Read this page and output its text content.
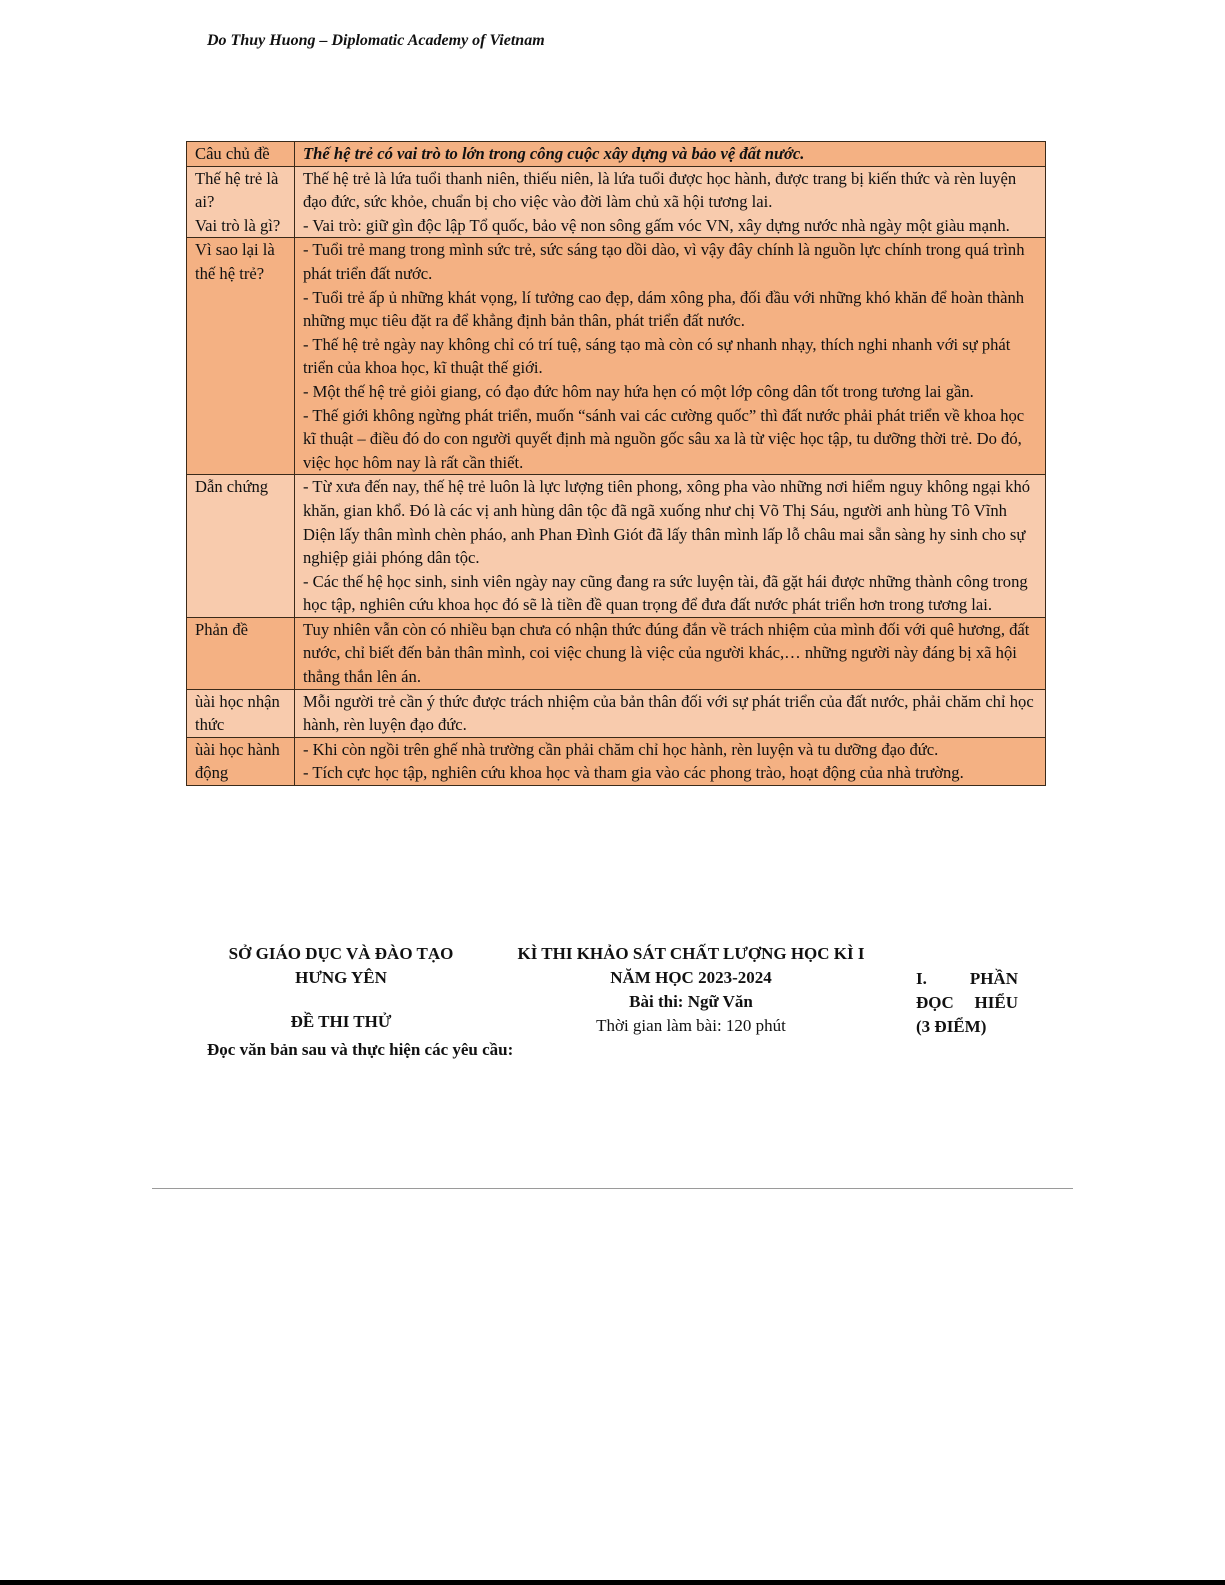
Do Thuy Huong – Diplomatic Academy of Vietnam
Câu chủ đề	Thế hệ trẻ có vai trò to lớn trong công cuộc xây dựng và bảo vệ đất nước.

Thế hệ trẻ là ai?
Vai trò là gì?	Thế hệ trẻ là lứa tuổi thanh niên, thiếu niên, là lứa tuổi được học hành, được trang bị kiến thức và rèn luyện đạo đức, sức khỏe, chuẩn bị cho việc vào đời làm chủ xã hội tương lai.
- Vai trò: giữ gìn độc lập Tổ quốc, bảo vệ non sông gấm vóc VN, xây dựng nước nhà ngày một giàu mạnh.

Vì sao lại là thế hệ trẻ?	- Tuổi trẻ mang trong mình sức trẻ, sức sáng tạo dồi dào, vì vậy đây chính là nguồn lực chính trong quá trình phát triển đất nước.
- Tuổi trẻ ấp ủ những khát vọng, lí tưởng cao đẹp, dám xông pha, đối đầu với những khó khăn để hoàn thành những mục tiêu đặt ra để khẳng định bản thân, phát triển đất nước.
- Thế hệ trẻ ngày nay không chỉ có trí tuệ, sáng tạo mà còn có sự nhanh nhạy, thích nghi nhanh với sự phát triển của khoa học, kĩ thuật thế giới.
- Một thế hệ trẻ giỏi giang, có đạo đức hôm nay hứa hẹn có một lớp công dân tốt trong tương lai gần.
- Thế giới không ngừng phát triển, muốn “sánh vai các cường quốc” thì đất nước phải phát triển về khoa học kĩ thuật – điều đó do con người quyết định mà nguồn gốc sâu xa là từ việc học tập, tu dưỡng thời trẻ. Do đó, việc học hôm nay là rất cần thiết.

Dẫn chứng	- Từ xưa đến nay, thế hệ trẻ luôn là lực lượng tiên phong, xông pha vào những nơi hiểm nguy không ngại khó khăn, gian khổ. Đó là các vị anh hùng dân tộc đã ngã xuống như chị Võ Thị Sáu, người anh hùng Tô Vĩnh Diện lấy thân mình chèn pháo, anh Phan Đình Giót đã lấy thân mình lấp lỗ châu mai sẵn sàng hy sinh cho sự nghiệp giải phóng dân tộc.
- Các thế hệ học sinh, sinh viên ngày nay cũng đang ra sức luyện tài, đã gặt hái được những thành công trong học tập, nghiên cứu khoa học đó sẽ là tiền đề quan trọng để đưa đất nước phát triển hơn trong tương lai.

Phản đề	Tuy nhiên vẫn còn có nhiều bạn chưa có nhận thức đúng đắn về trách nhiệm của mình đối với quê hương, đất nước, chỉ biết đến bản thân mình, coi việc chung là việc của người khác,… những người này đáng bị xã hội thẳng thắn lên án.

ùài học nhận thức	Mỗi người trẻ cần ý thức được trách nhiệm của bản thân đối với sự phát triển của đất nước, phải chăm chỉ học hành, rèn luyện đạo đức.

ùài học hành động	- Khi còn ngồi trên ghế nhà trường cần phải chăm chỉ học hành, rèn luyện và tu dưỡng đạo đức.
- Tích cực học tập, nghiên cứu khoa học và tham gia vào các phong trào, hoạt động của nhà trường.
SỞ GIÁO DỤC VÀ ĐÀO TẠO
HƯNG YÊN
ĐỀ THI THỬ
KÌ THI KHẢO SÁT CHẤT LƯỢNG HỌC KÌ I
NĂM HỌC 2023-2024
Bài thi: Ngữ Văn
Thời gian làm bài: 120 phút
I.	PHẦN
ĐỌC HIỂU
(3 ĐIỂM)
Đọc văn bản sau và thực hiện các yêu cầu:
